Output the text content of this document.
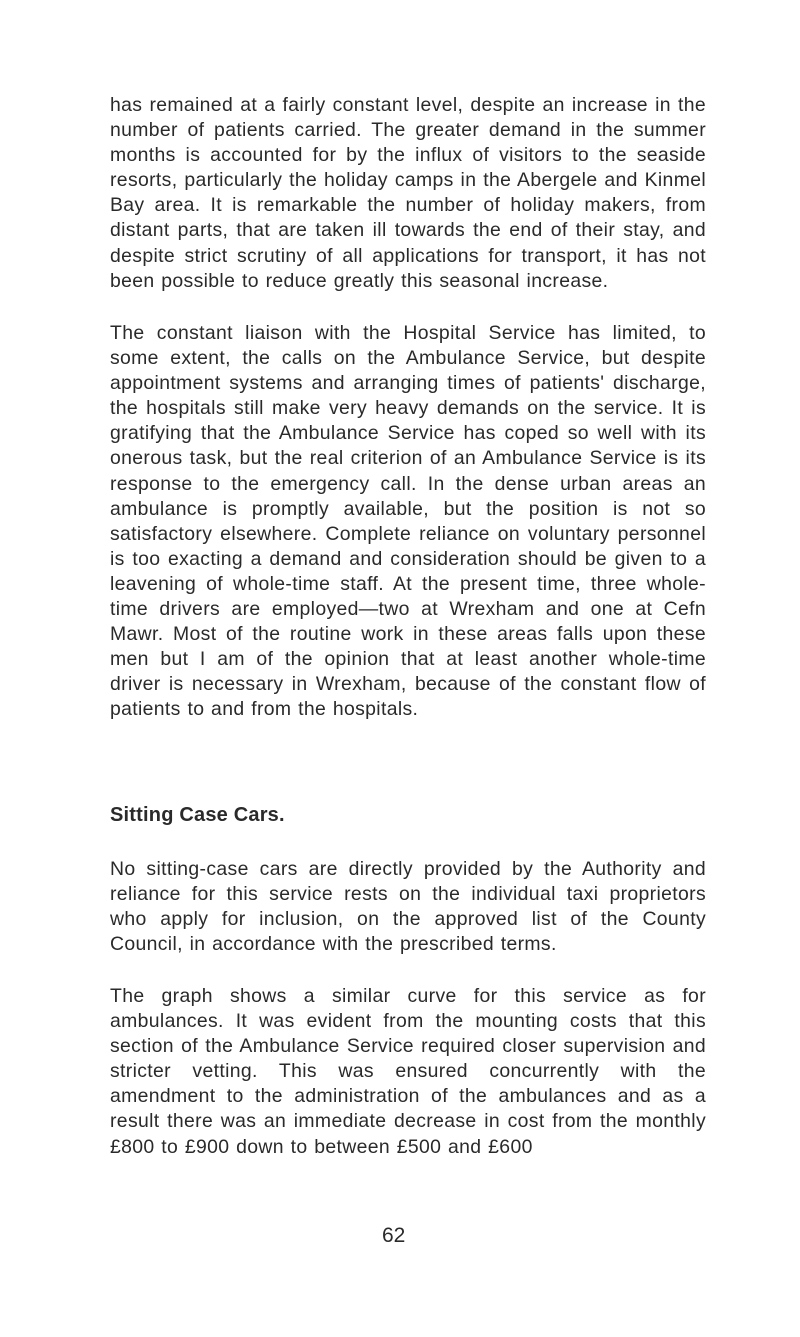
has remained at a fairly constant level, despite an increase in the number of patients carried. The greater demand in the summer months is accounted for by the influx of visitors to the seaside resorts, particularly the holiday camps in the Abergele and Kinmel Bay area. It is remarkable the number of holiday makers, from distant parts, that are taken ill towards the end of their stay, and despite strict scrutiny of all applications for transport, it has not been possible to reduce greatly this seasonal increase.

The constant liaison with the Hospital Service has limited, to some extent, the calls on the Ambulance Service, but despite appointment systems and arranging times of patients' discharge, the hospitals still make very heavy demands on the service. It is gratifying that the Ambulance Service has coped so well with its onerous task, but the real criterion of an Ambulance Service is its response to the emergency call. In the dense urban areas an ambulance is promptly available, but the position is not so satisfactory elsewhere. Complete reliance on voluntary personnel is too exacting a demand and consideration should be given to a leavening of whole-time staff. At the present time, three whole-time drivers are employed—two at Wrexham and one at Cefn Mawr. Most of the routine work in these areas falls upon these men but I am of the opinion that at least another whole-time driver is necessary in Wrexham, because of the constant flow of patients to and from the hospitals.

Sitting Case Cars.

No sitting-case cars are directly provided by the Authority and reliance for this service rests on the individual taxi proprietors who apply for inclusion, on the approved list of the County Council, in accordance with the prescribed terms.

The graph shows a similar curve for this service as for ambulances. It was evident from the mounting costs that this section of the Ambulance Service required closer supervision and stricter vetting. This was ensured concurrently with the amendment to the administration of the ambulances and as a result there was an immediate decrease in cost from the monthly £800 to £900 down to between £500 and £600

62
